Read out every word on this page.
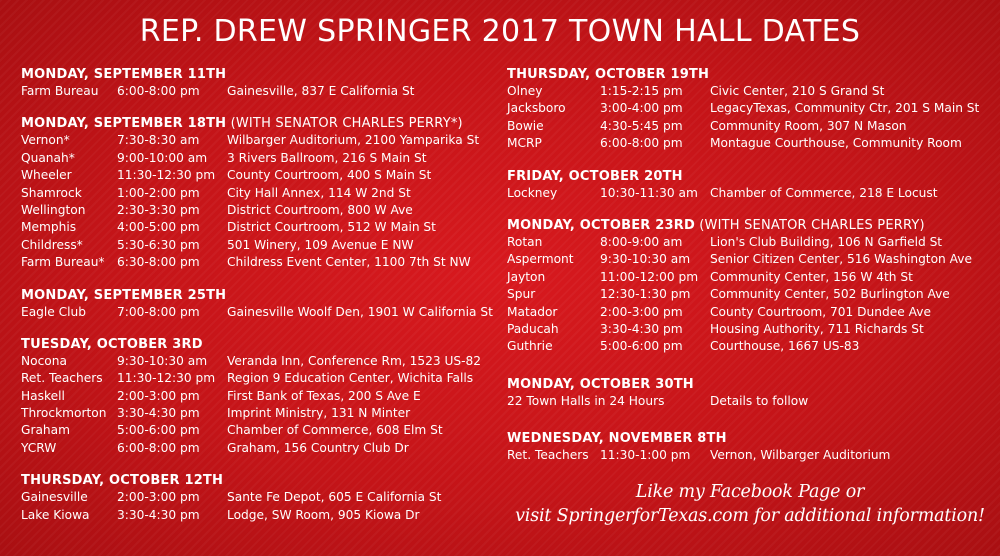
REP. DREW SPRINGER 2017 TOWN HALL DATES
MONDAY, SEPTEMBER 11TH
Farm Bureau	6:00-8:00 pm	Gainesville, 837 E California St
MONDAY, SEPTEMBER 18TH (WITH SENATOR CHARLES PERRY*)
Vernon*	7:30-8:30 am	Wilbarger Auditorium, 2100 Yamparika St
Quanah*	9:00-10:00 am	3 Rivers Ballroom, 216 S Main St
Wheeler	11:30-12:30 pm County Courtroom, 400 S Main St
Shamrock	1:00-2:00 pm	City Hall Annex, 114 W 2nd St
Wellington	2:30-3:30 pm	District Courtroom, 800 W Ave
Memphis	4:00-5:00 pm	District Courtroom, 512 W Main St
Childress*	5:30-6:30 pm	501 Winery, 109 Avenue E NW
Farm Bureau*	6:30-8:00 pm	Childress Event Center, 1100 7th St NW
MONDAY, SEPTEMBER 25TH
Eagle Club	7:00-8:00 pm	Gainesville Woolf Den, 1901 W California St
TUESDAY, OCTOBER 3RD
Nocona	9:30-10:30 am	Veranda Inn, Conference Rm, 1523 US-82
Ret. Teachers	11:30-12:30 pm Region 9 Education Center, Wichita Falls
Haskell	2:00-3:00 pm	First Bank of Texas, 200 S Ave E
Throckmorton 3:30-4:30 pm	Imprint Ministry, 131 N Minter
Graham	5:00-6:00 pm	Chamber of Commerce, 608 Elm St
YCRW	6:00-8:00 pm	Graham, 156 Country Club Dr
THURSDAY, OCTOBER 12TH
Gainesville	2:00-3:00 pm	Sante Fe Depot, 605 E California St
Lake Kiowa	3:30-4:30 pm	Lodge, SW Room, 905 Kiowa Dr
THURSDAY, OCTOBER 19TH
Olney	1:15-2:15 pm	Civic Center, 210 S Grand St
Jacksboro	3:00-4:00 pm	LegacyTexas, Community Ctr, 201 S Main St
Bowie	4:30-5:45 pm	Community Room, 307 N Mason
MCRP	6:00-8:00 pm	Montague Courthouse, Community Room
FRIDAY, OCTOBER 20TH
Lockney	10:30-11:30 am Chamber of Commerce, 218 E Locust
MONDAY, OCTOBER 23RD (WITH SENATOR CHARLES PERRY)
Rotan	8:00-9:00 am	Lion's Club Building, 106 N Garfield St
Aspermont	9:30-10:30 am	Senior Citizen Center, 516 Washington Ave
Jayton	11:00-12:00 pm Community Center, 156 W 4th St
Spur	12:30-1:30 pm	Community Center, 502 Burlington Ave
Matador	2:00-3:00 pm	County Courtroom, 701 Dundee Ave
Paducah	3:30-4:30 pm	Housing Authority, 711 Richards St
Guthrie	5:00-6:00 pm	Courthouse, 1667 US-83
MONDAY, OCTOBER 30TH
22 Town Halls in 24 Hours	Details to follow
WEDNESDAY, NOVEMBER 8TH
Ret. Teachers 11:30-1:00 pm	Vernon, Wilbarger Auditorium
Like my Facebook Page or
visit SpringerforTexas.com for additional information!
